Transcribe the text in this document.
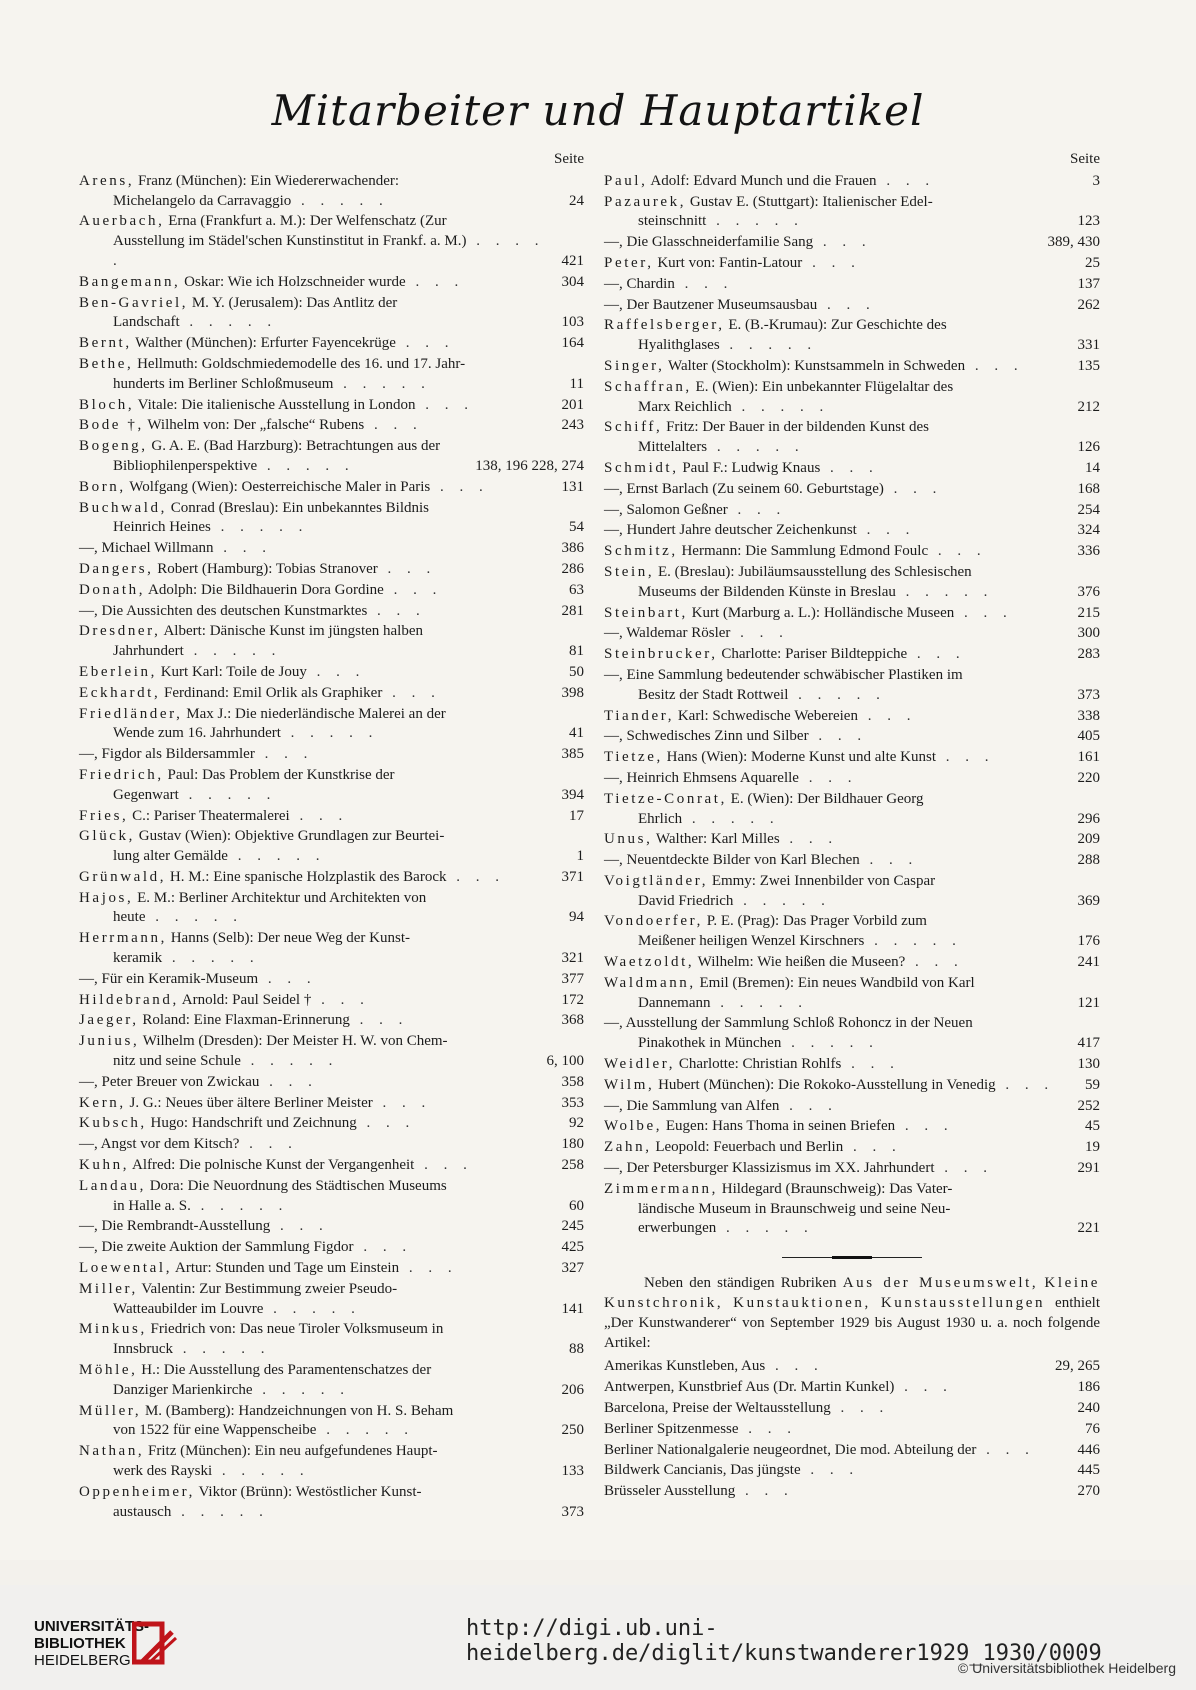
Mitarbeiter und Hauptartikel
Seite
Arens, Franz (München): Ein Wiedererwachender:
Michelangelo da Carravaggio . . . . .	24
Auerbach, Erna (Frankfurt a. M.): Der Welfenschatz (Zur
Ausstellung im Städel'schen Kunstinstitut in Frankf. a. M.) . . . . .	421
Bangemann, Oskar: Wie ich Holzschneider wurde . . .	304
Ben-Gavriel, M. Y. (Jerusalem): Das Antlitz der
Landschaft . . . . .	103
Bernt, Walther (München): Erfurter Fayencekrüge . . .	164
Bethe, Hellmuth: Goldschmiedemodelle des 16. und 17. Jahr-
hunderts im Berliner Schloßmuseum . . . . .	11
Bloch, Vitale: Die italienische Ausstellung in London . . .	201
Bode †, Wilhelm von: Der „falsche“ Rubens . . .	243
Bogeng, G. A. E. (Bad Harzburg): Betrachtungen aus der
Bibliophilenperspektive . . . . .	138, 196 228, 274
Born, Wolfgang (Wien): Oesterreichische Maler in Paris . . .	131
Buchwald, Conrad (Breslau): Ein unbekanntes Bildnis
Heinrich Heines . . . . .	54
—, Michael Willmann . . .	386
Dangers, Robert (Hamburg): Tobias Stranover . . .	286
Donath, Adolph: Die Bildhauerin Dora Gordine . . .	63
—, Die Aussichten des deutschen Kunstmarktes . . .	281
Dresdner, Albert: Dänische Kunst im jüngsten halben
Jahrhundert . . . . .	81
Eberlein, Kurt Karl: Toile de Jouy . . .	50
Eckhardt, Ferdinand: Emil Orlik als Graphiker . . .	398
Friedländer, Max J.: Die niederländische Malerei an der
Wende zum 16. Jahrhundert . . . . .	41
—, Figdor als Bildersammler . . .	385
Friedrich, Paul: Das Problem der Kunstkrise der
Gegenwart . . . . .	394
Fries, C.: Pariser Theatermalerei . . .	17
Glück, Gustav (Wien): Objektive Grundlagen zur Beurtei-
lung alter Gemälde . . . . .	1
Grünwald, H. M.: Eine spanische Holzplastik des Barock . . .	371
Hajos, E. M.: Berliner Architektur und Architekten von
heute . . . . .	94
Herrmann, Hanns (Selb): Der neue Weg der Kunst-
keramik . . . . .	321
—, Für ein Keramik-Museum . . .	377
Hildebrand, Arnold: Paul Seidel † . . .	172
Jaeger, Roland: Eine Flaxman-Erinnerung . . .	368
Junius, Wilhelm (Dresden): Der Meister H. W. von Chem-
nitz und seine Schule . . . . .	6, 100
—, Peter Breuer von Zwickau . . .	358
Kern, J. G.: Neues über ältere Berliner Meister . . .	353
Kubsch, Hugo: Handschrift und Zeichnung . . .	92
—, Angst vor dem Kitsch? . . .	180
Kuhn, Alfred: Die polnische Kunst der Vergangenheit . . .	258
Landau, Dora: Die Neuordnung des Städtischen Museums
in Halle a. S. . . . . .	60
—, Die Rembrandt-Ausstellung . . .	245
—, Die zweite Auktion der Sammlung Figdor . . .	425
Loewental, Artur: Stunden und Tage um Einstein . . .	327
Miller, Valentin: Zur Bestimmung zweier Pseudo-
Watteaubilder im Louvre . . . . .	141
Minkus, Friedrich von: Das neue Tiroler Volksmuseum in
Innsbruck . . . . .	88
Möhle, H.: Die Ausstellung des Paramentenschatzes der
Danziger Marienkirche . . . . .	206
Müller, M. (Bamberg): Handzeichnungen von H. S. Beham
von 1522 für eine Wappenscheibe . . . . .	250
Nathan, Fritz (München): Ein neu aufgefundenes Haupt-
werk des Rayski . . . . .	133
Oppenheimer, Viktor (Brünn): Westöstlicher Kunst-
austausch . . . . .	373
Seite
Paul, Adolf: Edvard Munch und die Frauen . . .	3
Pazaurek, Gustav E. (Stuttgart): Italienischer Edel-
steinschnitt . . . . .	123
—, Die Glasschneiderfamilie Sang . . .	389, 430
Peter, Kurt von: Fantin-Latour . . .	25
—, Chardin . . .	137
—, Der Bautzener Museumsausbau . . .	262
Raffelsberger, E. (B.-Krumau): Zur Geschichte des
Hyalithglases . . . . .	331
Singer, Walter (Stockholm): Kunstsammeln in Schweden . . .	135
Schaffran, E. (Wien): Ein unbekannter Flügelaltar des
Marx Reichlich . . . . .	212
Schiff, Fritz: Der Bauer in der bildenden Kunst des
Mittelalters . . . . .	126
Schmidt, Paul F.: Ludwig Knaus . . .	14
—, Ernst Barlach (Zu seinem 60. Geburtstage) . . .	168
—, Salomon Geßner . . .	254
—, Hundert Jahre deutscher Zeichenkunst . . .	324
Schmitz, Hermann: Die Sammlung Edmond Foulc . . .	336
Stein, E. (Breslau): Jubiläumsausstellung des Schlesischen
Museums der Bildenden Künste in Breslau . . . . .	376
Steinbart, Kurt (Marburg a. L.): Holländische Museen . . .	215
—, Waldemar Rösler . . .	300
Steinbrucker, Charlotte: Pariser Bildteppiche . . .	283
—, Eine Sammlung bedeutender schwäbischer Plastiken im
Besitz der Stadt Rottweil . . . . .	373
Tiander, Karl: Schwedische Webereien . . .	338
—, Schwedisches Zinn und Silber . . .	405
Tietze, Hans (Wien): Moderne Kunst und alte Kunst . . .	161
—, Heinrich Ehmsens Aquarelle . . .	220
Tietze-Conrat, E. (Wien): Der Bildhauer Georg
Ehrlich . . . . .	296
Unus, Walther: Karl Milles . . .	209
—, Neuentdeckte Bilder von Karl Blechen . . .	288
Voigtländer, Emmy: Zwei Innenbilder von Caspar
David Friedrich . . . . .	369
Vondoerfer, P. E. (Prag): Das Prager Vorbild zum
Meißener heiligen Wenzel Kirschners . . . . .	176
Waetzoldt, Wilhelm: Wie heißen die Museen? . . .	241
Waldmann, Emil (Bremen): Ein neues Wandbild von Karl
Dannemann . . . . .	121
—, Ausstellung der Sammlung Schloß Rohoncz in der Neuen
Pinakothek in München . . . . .	417
Weidler, Charlotte: Christian Rohlfs . . .	130
Wilm, Hubert (München): Die Rokoko-Ausstellung in Venedig . . .	59
—, Die Sammlung van Alfen . . .	252
Wolbe, Eugen: Hans Thoma in seinen Briefen . . .	45
Zahn, Leopold: Feuerbach und Berlin . . .	19
—, Der Petersburger Klassizismus im XX. Jahrhundert . . .	291
Zimmermann, Hildegard (Braunschweig): Das Vater-
ländische Museum in Braunschweig und seine Neu-
erwerbungen . . . . .	221
Neben den ständigen Rubriken Aus der Museumswelt, Kleine Kunstchronik, Kunstauktionen, Kunstausstellungen enthielt „Der Kunstwanderer“ von September 1929 bis August 1930 u. a. noch folgende Artikel:
Amerikas Kunstleben, Aus . . .	29, 265
Antwerpen, Kunstbrief Aus (Dr. Martin Kunkel) . . .	186
Barcelona, Preise der Weltausstellung . . .	240
Berliner Spitzenmesse . . .	76
Berliner Nationalgalerie neugeordnet, Die mod. Abteilung der . . .	446
Bildwerk Cancianis, Das jüngste . . .	445
Brüsseler Ausstellung . . .	270
UNIVERSITÄTS-
BIBLIOTHEK
HEIDELBERG
http://digi.ub.uni-heidelberg.de/diglit/kunstwanderer1929_1930/0009
© Universitätsbibliothek Heidelberg
